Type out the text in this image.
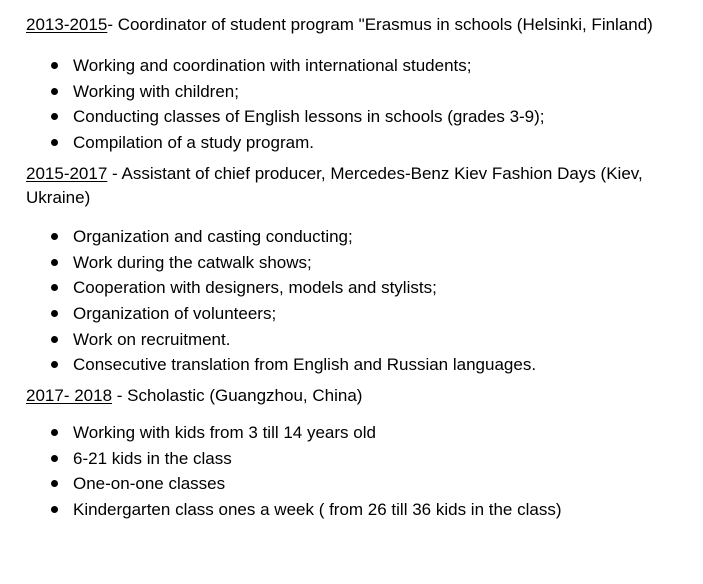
2013-2015- Coordinator of student program "Erasmus in schools (Helsinki, Finland)

Working and coordination with international students;
Working with children;
Conducting classes of English lessons in schools (grades 3-9);
Compilation of a study program.

2015-2017 - Assistant of chief producer, Mercedes-Benz Kiev Fashion Days (Kiev, Ukraine)

Organization and casting conducting;
Work during the catwalk shows;
Cooperation with designers, models and stylists;
Organization of volunteers;
Work on recruitment.
Consecutive translation from English and Russian languages.

2017- 2018 - Scholastic (Guangzhou, China)

Working with kids from 3 till 14 years old
6-21 kids in the class
One-on-one classes
Kindergarten class ones a week ( from 26 till 36 kids in the class)
